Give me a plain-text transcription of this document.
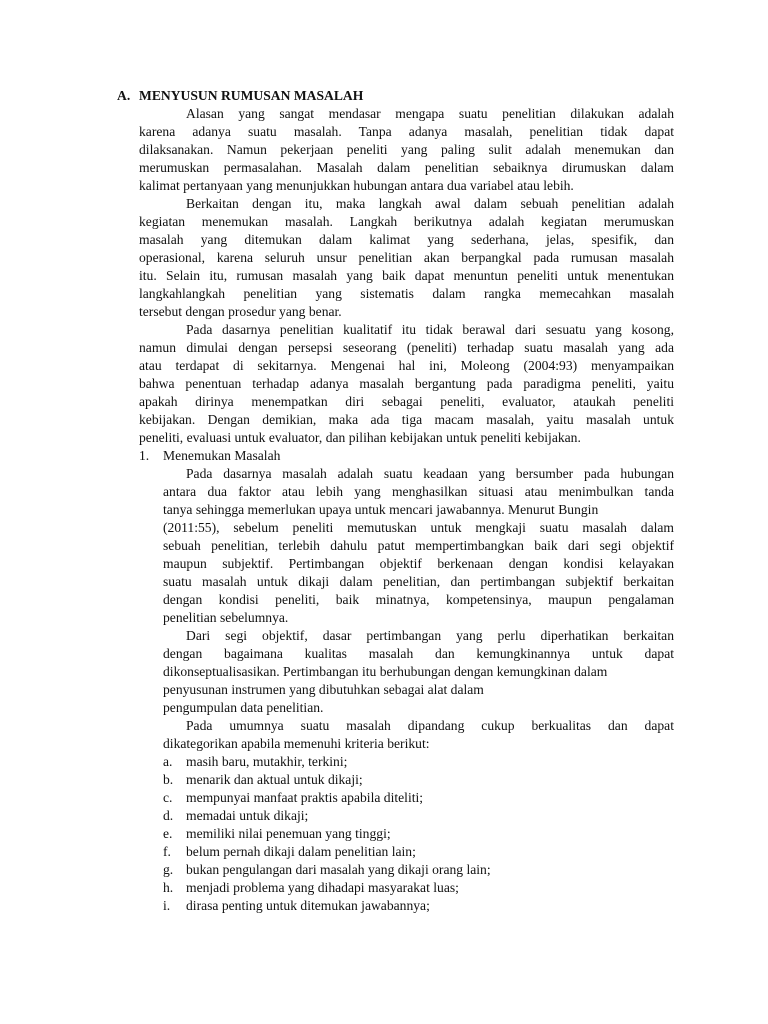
A. MENYUSUN RUMUSAN MASALAH
Alasan yang sangat mendasar mengapa suatu penelitian dilakukan adalah
karena adanya suatu masalah. Tanpa adanya masalah, penelitian tidak dapat
dilaksanakan. Namun pekerjaan peneliti yang paling sulit adalah menemukan dan
merumuskan permasalahan. Masalah dalam penelitian sebaiknya dirumuskan dalam
kalimat pertanyaan yang menunjukkan hubungan antara dua variabel atau lebih.
Berkaitan dengan itu, maka langkah awal dalam sebuah penelitian adalah
kegiatan menemukan masalah. Langkah berikutnya adalah kegiatan merumuskan
masalah yang ditemukan dalam kalimat yang sederhana, jelas, spesifik, dan
operasional, karena seluruh unsur penelitian akan berpangkal pada rumusan masalah
itu. Selain itu, rumusan masalah yang baik dapat menuntun peneliti untuk menentukan
langkahlangkah penelitian yang sistematis dalam rangka memecahkan masalah
tersebut dengan prosedur yang benar.
Pada dasarnya penelitian kualitatif itu tidak berawal dari sesuatu yang kosong,
namun dimulai dengan persepsi seseorang (peneliti) terhadap suatu masalah yang ada
atau terdapat di sekitarnya. Mengenai hal ini, Moleong (2004:93) menyampaikan
bahwa penentuan terhadap adanya masalah bergantung pada paradigma peneliti, yaitu
apakah dirinya menempatkan diri sebagai peneliti, evaluator, ataukah peneliti
kebijakan. Dengan demikian, maka ada tiga macam masalah, yaitu masalah untuk
peneliti, evaluasi untuk evaluator, dan pilihan kebijakan untuk peneliti kebijakan.
1. Menemukan Masalah
Pada dasarnya masalah adalah suatu keadaan yang bersumber pada hubungan
antara dua faktor atau lebih yang menghasilkan situasi atau menimbulkan tanda
tanya sehingga memerlukan upaya untuk mencari jawabannya. Menurut Bungin
(2011:55), sebelum peneliti memutuskan untuk mengkaji suatu masalah dalam
sebuah penelitian, terlebih dahulu patut mempertimbangkan baik dari segi objektif
maupun subjektif. Pertimbangan objektif berkenaan dengan kondisi kelayakan
suatu masalah untuk dikaji dalam penelitian, dan pertimbangan subjektif berkaitan
dengan kondisi peneliti, baik minatnya, kompetensinya, maupun pengalaman
penelitian sebelumnya.
Dari segi objektif, dasar pertimbangan yang perlu diperhatikan berkaitan
dengan bagaimana kualitas masalah dan kemungkinannya untuk dapat
dikonseptualisasikan. Pertimbangan itu berhubungan dengan kemungkinan dalam
penyusunan instrumen yang dibutuhkan sebagai alat dalam
pengumpulan data penelitian.
Pada umumnya suatu masalah dipandang cukup berkualitas dan dapat
dikategorikan apabila memenuhi kriteria berikut:
a. masih baru, mutakhir, terkini;
b. menarik dan aktual untuk dikaji;
c. mempunyai manfaat praktis apabila diteliti;
d. memadai untuk dikaji;
e. memiliki nilai penemuan yang tinggi;
f. belum pernah dikaji dalam penelitian lain;
g. bukan pengulangan dari masalah yang dikaji orang lain;
h. menjadi problema yang dihadapi masyarakat luas;
i. dirasa penting untuk ditemukan jawabannya;
